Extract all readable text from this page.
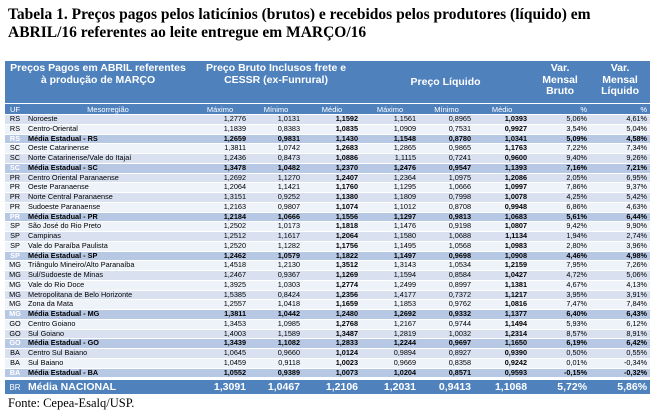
Tabela 1. Preços pagos pelos laticínios (brutos) e recebidos pelos produtores (líquido) em ABRIL/16 referentes ao leite entregue em MARÇO/16
Preços Pagos em ABRIL referentes à produção de MARÇO		Preço Bruto Inclusos frete e CESSR (ex-Funrural)			Preço Líquido			Var. Mensal Bruto	Var. Mensal Líquido
UF	Mesorregião	Máximo	Mínimo	Médio	Máximo	Mínimo	Médio	%	%
RS	Noroeste	1,2776	1,0131	1,1592	1,1561	0,8965	1,0393	5,06%	4,61%
RS	Centro-Oriental	1,1839	0,8383	1,0835	1,0909	0,7531	0,9927	3,54%	5,04%
RS	Média Estadual - RS	1,2659	0,9831	1,1430	1,1548	0,8780	1,0341	5,09%	4,58%
SC	Oeste Catarinense	1,3811	1,0742	1,2683	1,2865	0,9865	1,1763	7,22%	7,34%
SC	Norte Catarinense/Vale do Itajaí	1,2436	0,8473	1,0886	1,1115	0,7241	0,9600	9,40%	9,26%
SC	Média Estadual - SC	1,3478	1,0482	1,2370	1,2476	0,9547	1,1393	7,16%	7,21%
PR	Centro Oriental Paranaense	1,2692	1,1270	1,2407	1,2364	1,0975	1,2086	2,05%	6,95%
PR	Oeste Paranaense	1,2064	1,1421	1,1760	1,1295	1,0666	1,0997	7,86%	9,37%
PR	Norte Central Paranaense	1,3151	0,9252	1,1380	1,1809	0,7998	1,0078	4,25%	5,42%
PR	Sudoeste Paranaense	1,2163	0,9807	1,1074	1,1012	0,8708	0,9948	6,86%	4,63%
PR	Média Estadual - PR	1,2184	1,0666	1,1556	1,1297	0,9813	1,0683	5,61%	6,44%
SP	São José do Rio Preto	1,2502	1,0173	1,1818	1,1476	0,9198	1,0807	9,42%	9,90%
SP	Campinas	1,2512	1,1617	1,2064	1,1580	1,0688	1,1134	1,94%	2,74%
SP	Vale do Paraíba Paulista	1,2520	1,1282	1,1756	1,1495	1,0568	1,0983	2,80%	3,96%
SP	Média Estadual - SP	1,2462	1,0579	1,1822	1,1497	0,9698	1,0908	4,46%	4,98%
MG	Triângulo Mineiro/Alto Paranaíba	1,4518	1,2130	1,3512	1,3143	1,0534	1,2159	7,95%	7,26%
MG	Sul/Sudoeste de Minas	1,2467	0,9367	1,1269	1,1594	0,8584	1,0427	4,72%	5,06%
MG	Vale do Rio Doce	1,3925	1,0303	1,2774	1,2499	0,8997	1,1381	4,67%	4,13%
MG	Metropolitana de Belo Horizonte	1,5385	0,8424	1,2356	1,4177	0,7372	1,1217	3,95%	3,91%
MG	Zona da Mata	1,2557	1,0418	1,1659	1,1853	0,9762	1,0816	7,47%	7,84%
MG	Média Estadual - MG	1,3811	1,0442	1,2480	1,2692	0,9332	1,1377	6,40%	6,43%
GO	Centro Goiano	1,3453	1,0985	1,2768	1,2167	0,9744	1,1494	5,93%	6,12%
GO	Sul Goiano	1,4003	1,1589	1,3487	1,2819	1,0032	1,2314	8,57%	8,91%
GO	Média Estadual - GO	1,3439	1,1082	1,2833	1,2244	0,9697	1,1650	6,19%	6,42%
BA	Centro Sul Baiano	1,0645	0,9660	1,0124	0,9894	0,8927	0,9390	0,50%	0,55%
BA	Sul Baiano	1,0459	0,9118	1,0023	0,9669	0,8358	0,9242	0,01%	-0,34%
BA	Média Estadual - BA	1,0552	0,9389	1,0073	1,0204	0,8571	0,9593	-0,15%	-0,32%
BR	Média NACIONAL	1,3091	1,0467	1,2106	1,2031	0,9413	1,1068	5,72%	5,86%
Fonte: Cepea-Esalq/USP.
